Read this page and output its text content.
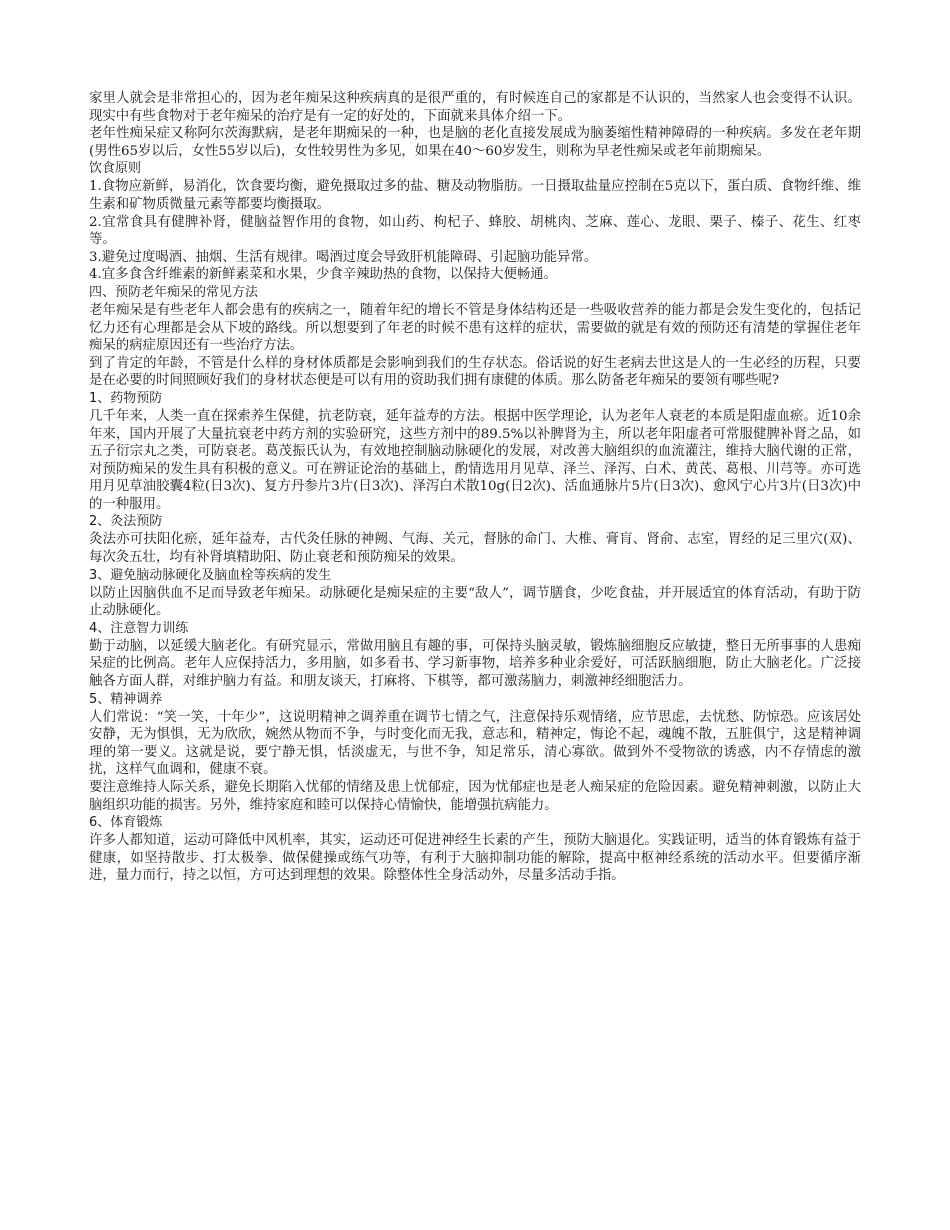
家里人就会是非常担心的，因为老年痴呆这种疾病真的是很严重的，有时候连自己的家都是不认识的，当然家人也会变得不认识。现实中有些食物对于老年痴呆的治疗是有一定的好处的，下面就来具体介绍一下。

老年性痴呆症又称阿尔茨海默病，是老年期痴呆的一种，也是脑的老化直接发展成为脑萎缩性精神障碍的一种疾病。多发在老年期(男性65岁以后，女性55岁以后)，女性较男性为多见，如果在40～60岁发生，则称为早老性痴呆或老年前期痴呆。

饮食原则

1.食物应新鲜，易消化，饮食要均衡，避免摄取过多的盐、糖及动物脂肪。一日摄取盐量应控制在5克以下，蛋白质、食物纤维、维生素和矿物质微量元素等都要均衡摄取。

2.宜常食具有健脾补肾，健脑益智作用的食物，如山药、枸杞子、蜂胶、胡桃肉、芝麻、莲心、龙眼、栗子、榛子、花生、红枣等。

3.避免过度喝酒、抽烟、生活有规律。喝酒过度会导致肝机能障碍、引起脑功能异常。

4.宜多食含纤维素的新鲜素菜和水果，少食辛辣助热的食物，以保持大便畅通。

四、预防老年痴呆的常见方法

老年痴呆是有些老年人都会患有的疾病之一，随着年纪的增长不管是身体结构还是一些吸收营养的能力都是会发生变化的，包括记忆力还有心理都是会从下坡的路线。所以想要到了年老的时候不患有这样的症状，需要做的就是有效的预防还有清楚的掌握住老年痴呆的病症原因还有一些治疗方法。

到了肯定的年龄，不管是什么样的身材体质都是会影响到我们的生存状态。俗话说的好生老病去世这是人的一生必经的历程，只要是在必要的时间照顾好我们的身材状态便是可以有用的资助我们拥有康健的体质。那么防备老年痴呆的要领有哪些呢?

1、药物预防

几千年来，人类一直在探索养生保健，抗老防衰，延年益寿的方法。根据中医学理论，认为老年人衰老的本质是阳虚血瘀。近10余年来，国内开展了大量抗衰老中药方剂的实验研究，这些方剂中的89.5%以补脾肾为主，所以老年阳虚者可常服健脾补肾之品，如五子衍宗丸之类，可防衰老。葛茂振氏认为，有效地控制脑动脉硬化的发展，对改善大脑组织的血流灌注，维持大脑代谢的正常，对预防痴呆的发生具有积极的意义。可在辨证论治的基础上，酌情选用月见草、泽兰、泽泻、白术、黄芪、葛根、川芎等。亦可选用月见草油胶囊4粒(日3次)、复方丹参片3片(日3次)、泽泻白术散10g(日2次)、活血通脉片5片(日3次)、愈风宁心片3片(日3次)中的一种服用。

2、灸法预防

灸法亦可扶阳化瘀，延年益寿，古代灸任脉的神阙、气海、关元，督脉的命门、大椎、膏肓、肾俞、志室，胃经的足三里穴(双)、每次灸五壮，均有补肾填精助阳、防止衰老和预防痴呆的效果。

3、避免脑动脉硬化及脑血栓等疾病的发生

以防止因脑供血不足而导致老年痴呆。动脉硬化是痴呆症的主要“敌人”，调节膳食，少吃食盐，并开展适宜的体育活动，有助于防止动脉硬化。

4、注意智力训练

勤于动脑，以延缓大脑老化。有研究显示，常做用脑且有趣的事，可保持头脑灵敏，锻炼脑细胞反应敏捷，整日无所事事的人患痴呆症的比例高。老年人应保持活力，多用脑，如多看书、学习新事物，培养多种业余爱好，可活跃脑细胞，防止大脑老化。广泛接触各方面人群，对维护脑力有益。和朋友谈天，打麻将、下棋等，都可激荡脑力，刺激神经细胞活力。

5、精神调养

人们常说：“笑一笑，十年少”，这说明精神之调养重在调节七情之气，注意保持乐观情绪，应节思虑，去忧愁、防惊恐。应该居处安静，无为惧惧，无为欣欣，婉然从物而不争，与时变化而无我，意志和，精神定，悔论不起，魂魄不散，五脏俱宁，这是精神调理的第一要义。这就是说，要宁静无惧，恬淡虚无，与世不争，知足常乐，清心寡欲。做到外不受物欲的诱惑，内不存情虑的激扰，这样气血调和，健康不衰。

要注意维持人际关系，避免长期陷入忧郁的情绪及患上忧郁症，因为忧郁症也是老人痴呆症的危险因素。避免精神刺激，以防止大脑组织功能的损害。另外，维持家庭和睦可以保持心情愉快，能增强抗病能力。

6、体育锻炼

许多人都知道，运动可降低中风机率，其实，运动还可促进神经生长素的产生，预防大脑退化。实践证明，适当的体育锻炼有益于健康，如坚持散步、打太极拳、做保健操或练气功等，有利于大脑抑制功能的解除，提高中枢神经系统的活动水平。但要循序渐进，量力而行，持之以恒，方可达到理想的效果。除整体性全身活动外，尽量多活动手指。
